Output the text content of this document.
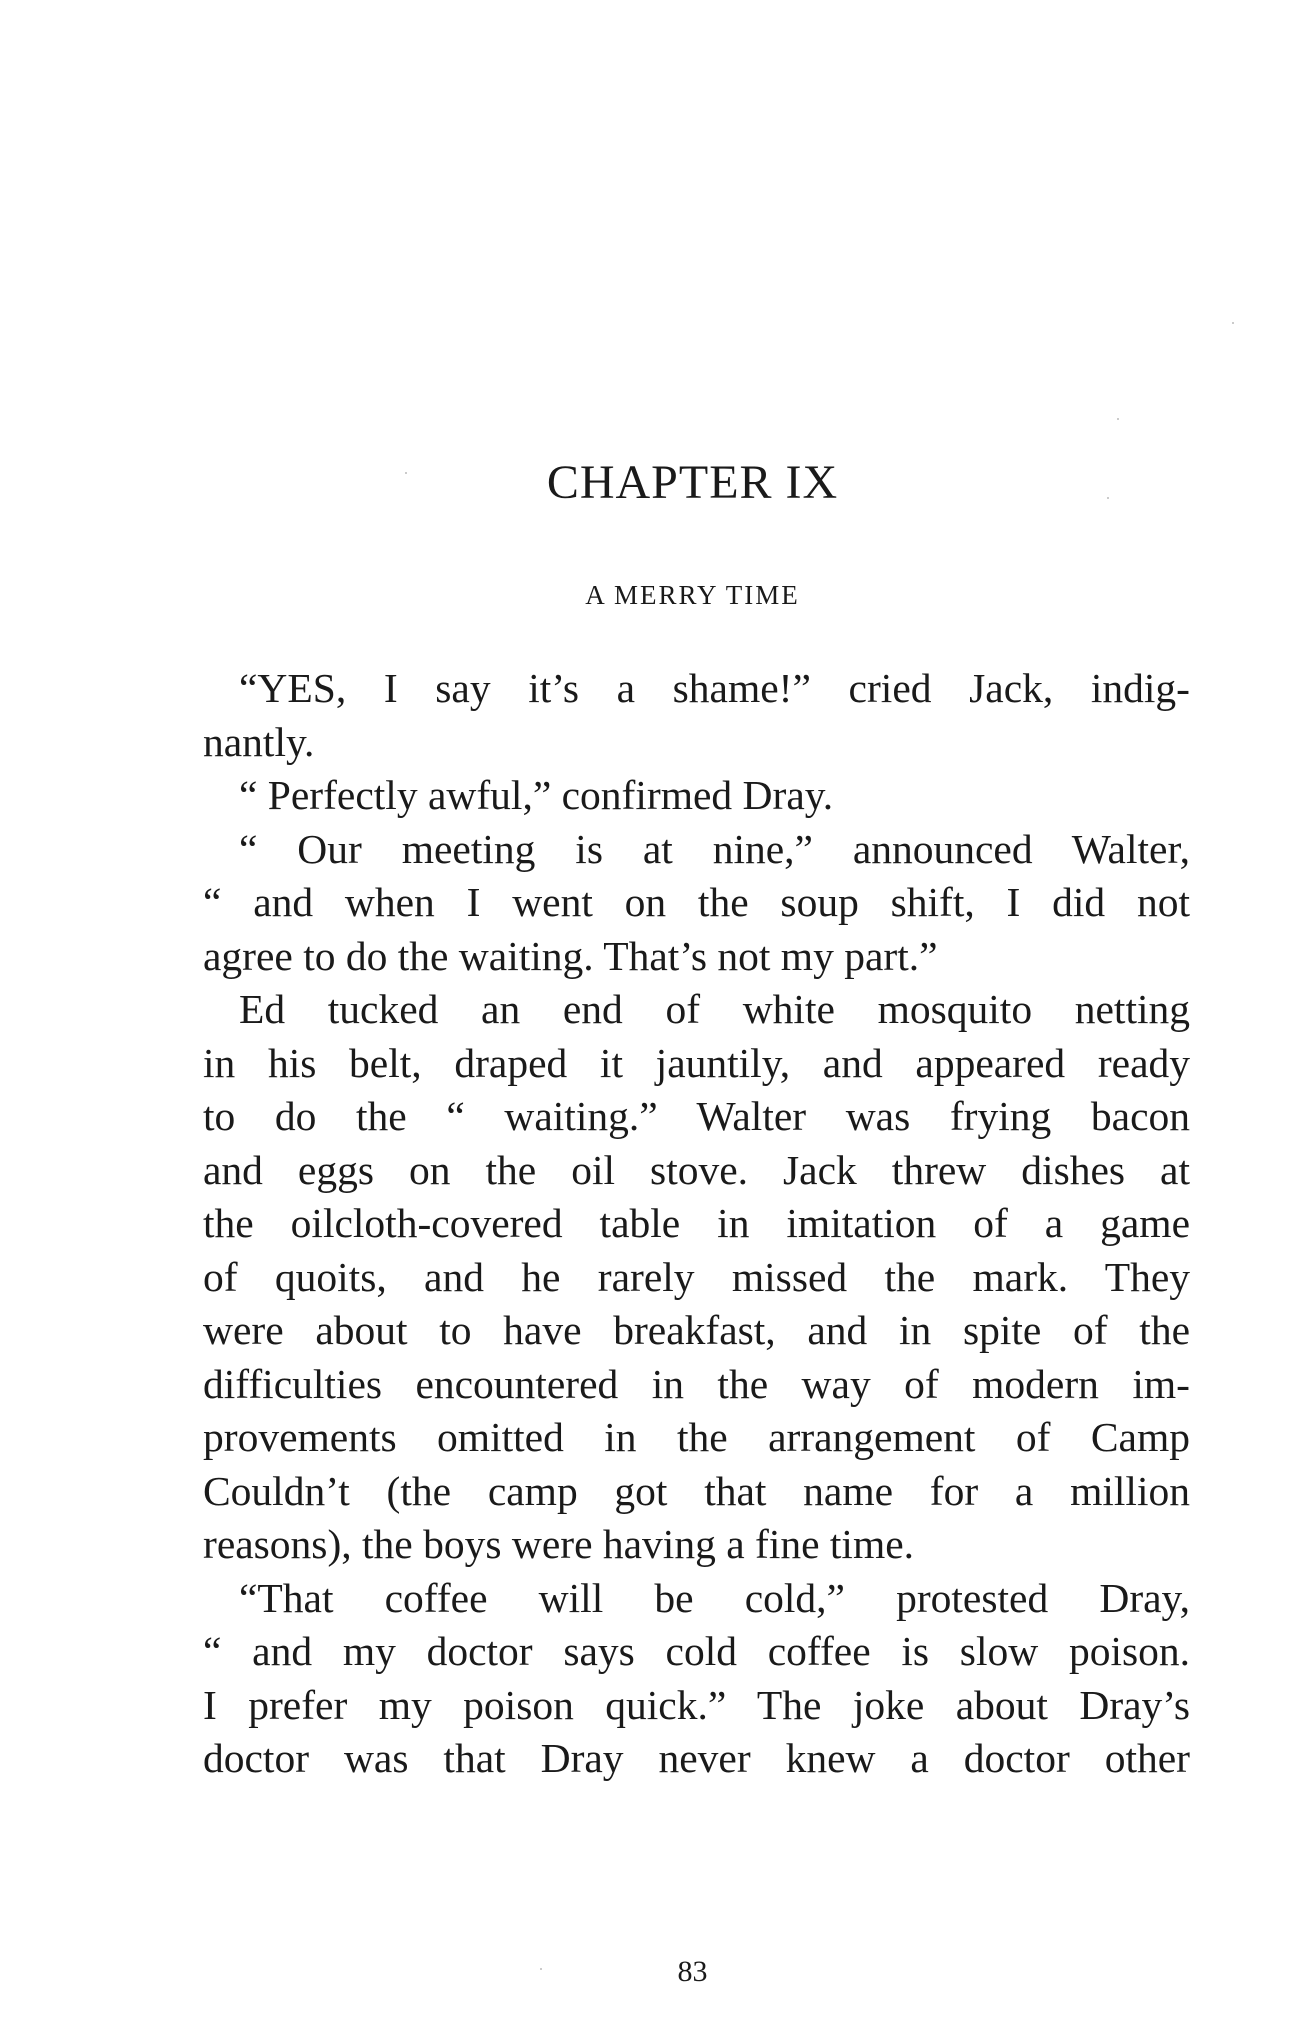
CHAPTER IX
A MERRY TIME
“YES, I say it’s a shame!” cried Jack, indig-
nantly.
“ Perfectly awful,” confirmed Dray.
“ Our meeting is at nine,” announced Walter,
“ and when I went on the soup shift, I did not
agree to do the waiting. That’s not my part.”
Ed tucked an end of white mosquito netting
in his belt, draped it jauntily, and appeared ready
to do the “ waiting.” Walter was frying bacon
and eggs on the oil stove. Jack threw dishes at
the oilcloth-covered table in imitation of a game
of quoits, and he rarely missed the mark. They
were about to have breakfast, and in spite of the
difficulties encountered in the way of modern im-
provements omitted in the arrangement of Camp
Couldn’t (the camp got that name for a million
reasons), the boys were having a fine time.
“That coffee will be cold,” protested Dray,
“ and my doctor says cold coffee is slow poison.
I prefer my poison quick.” The joke about Dray’s
doctor was that Dray never knew a doctor other
83
